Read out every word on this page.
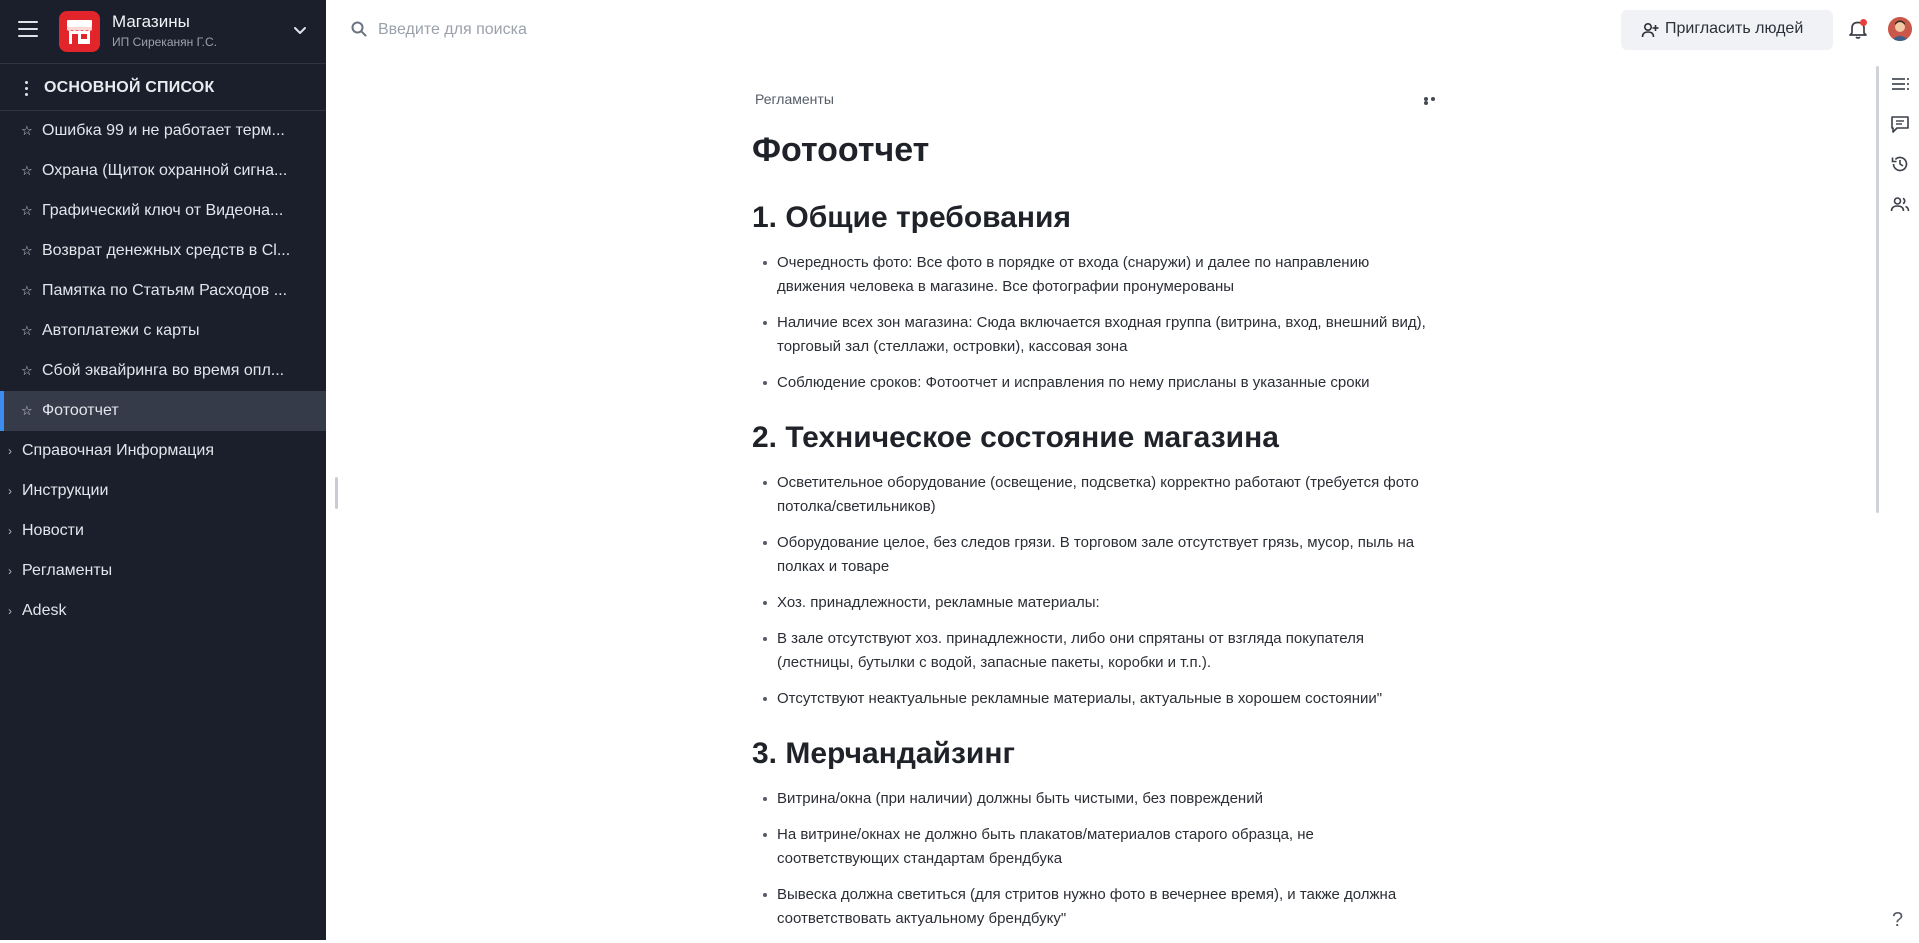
Магазины
ИП Сиреканян Г.С.
ОСНОВНОЙ СПИСОК
☆ Ошибка 99 и не работает терм...
☆ Охрана (Щиток охранной сигна...
☆ Графический ключ от Видеона...
☆ Возврат денежных средств в Cl...
☆ Памятка по Статьям Расходов ...
☆ Автоплатежи с карты
☆ Сбой эквайринга во время опл...
☆ Фотоотчет
› Справочная Информация
› Инструкции
› Новости
› Регламенты
› Adesk
Введите для поиска
Пригласить людей
?
Регламенты
Фотоотчет
1. Общие требования
Очередность фото: Все фото в порядке от входа (снаружи) и далее по направлению движения человека в магазине. Все фотографии пронумерованы
Наличие всех зон магазина: Сюда включается входная группа (витрина, вход, внешний вид), торговый зал (стеллажи, островки), кассовая зона
Соблюдение сроков: Фотоотчет и исправления по нему присланы в указанные сроки
2. Техническое состояние магазина
Осветительное оборудование (освещение, подсветка) корректно работают (требуется фото потолка/светильников)
Оборудование целое, без следов грязи. В торговом зале отсутствует грязь, мусор, пыль на полках и товаре
Хоз. принадлежности, рекламные материалы:
В зале отсутствуют хоз. принадлежности, либо они спрятаны от взгляда покупателя (лестницы, бутылки с водой, запасные пакеты, коробки и т.п.).
Отсутствуют неактуальные рекламные материалы, актуальные в хорошем состоянии"
3. Мерчандайзинг
Витрина/окна (при наличии) должны быть чистыми, без повреждений
На витрине/окнах не должно быть плакатов/материалов старого образца, не соответствующих стандартам брендбука
Вывеска должна светиться (для стритов нужно фото в вечернее время), и также должна соответствовать актуальному брендбуку"
